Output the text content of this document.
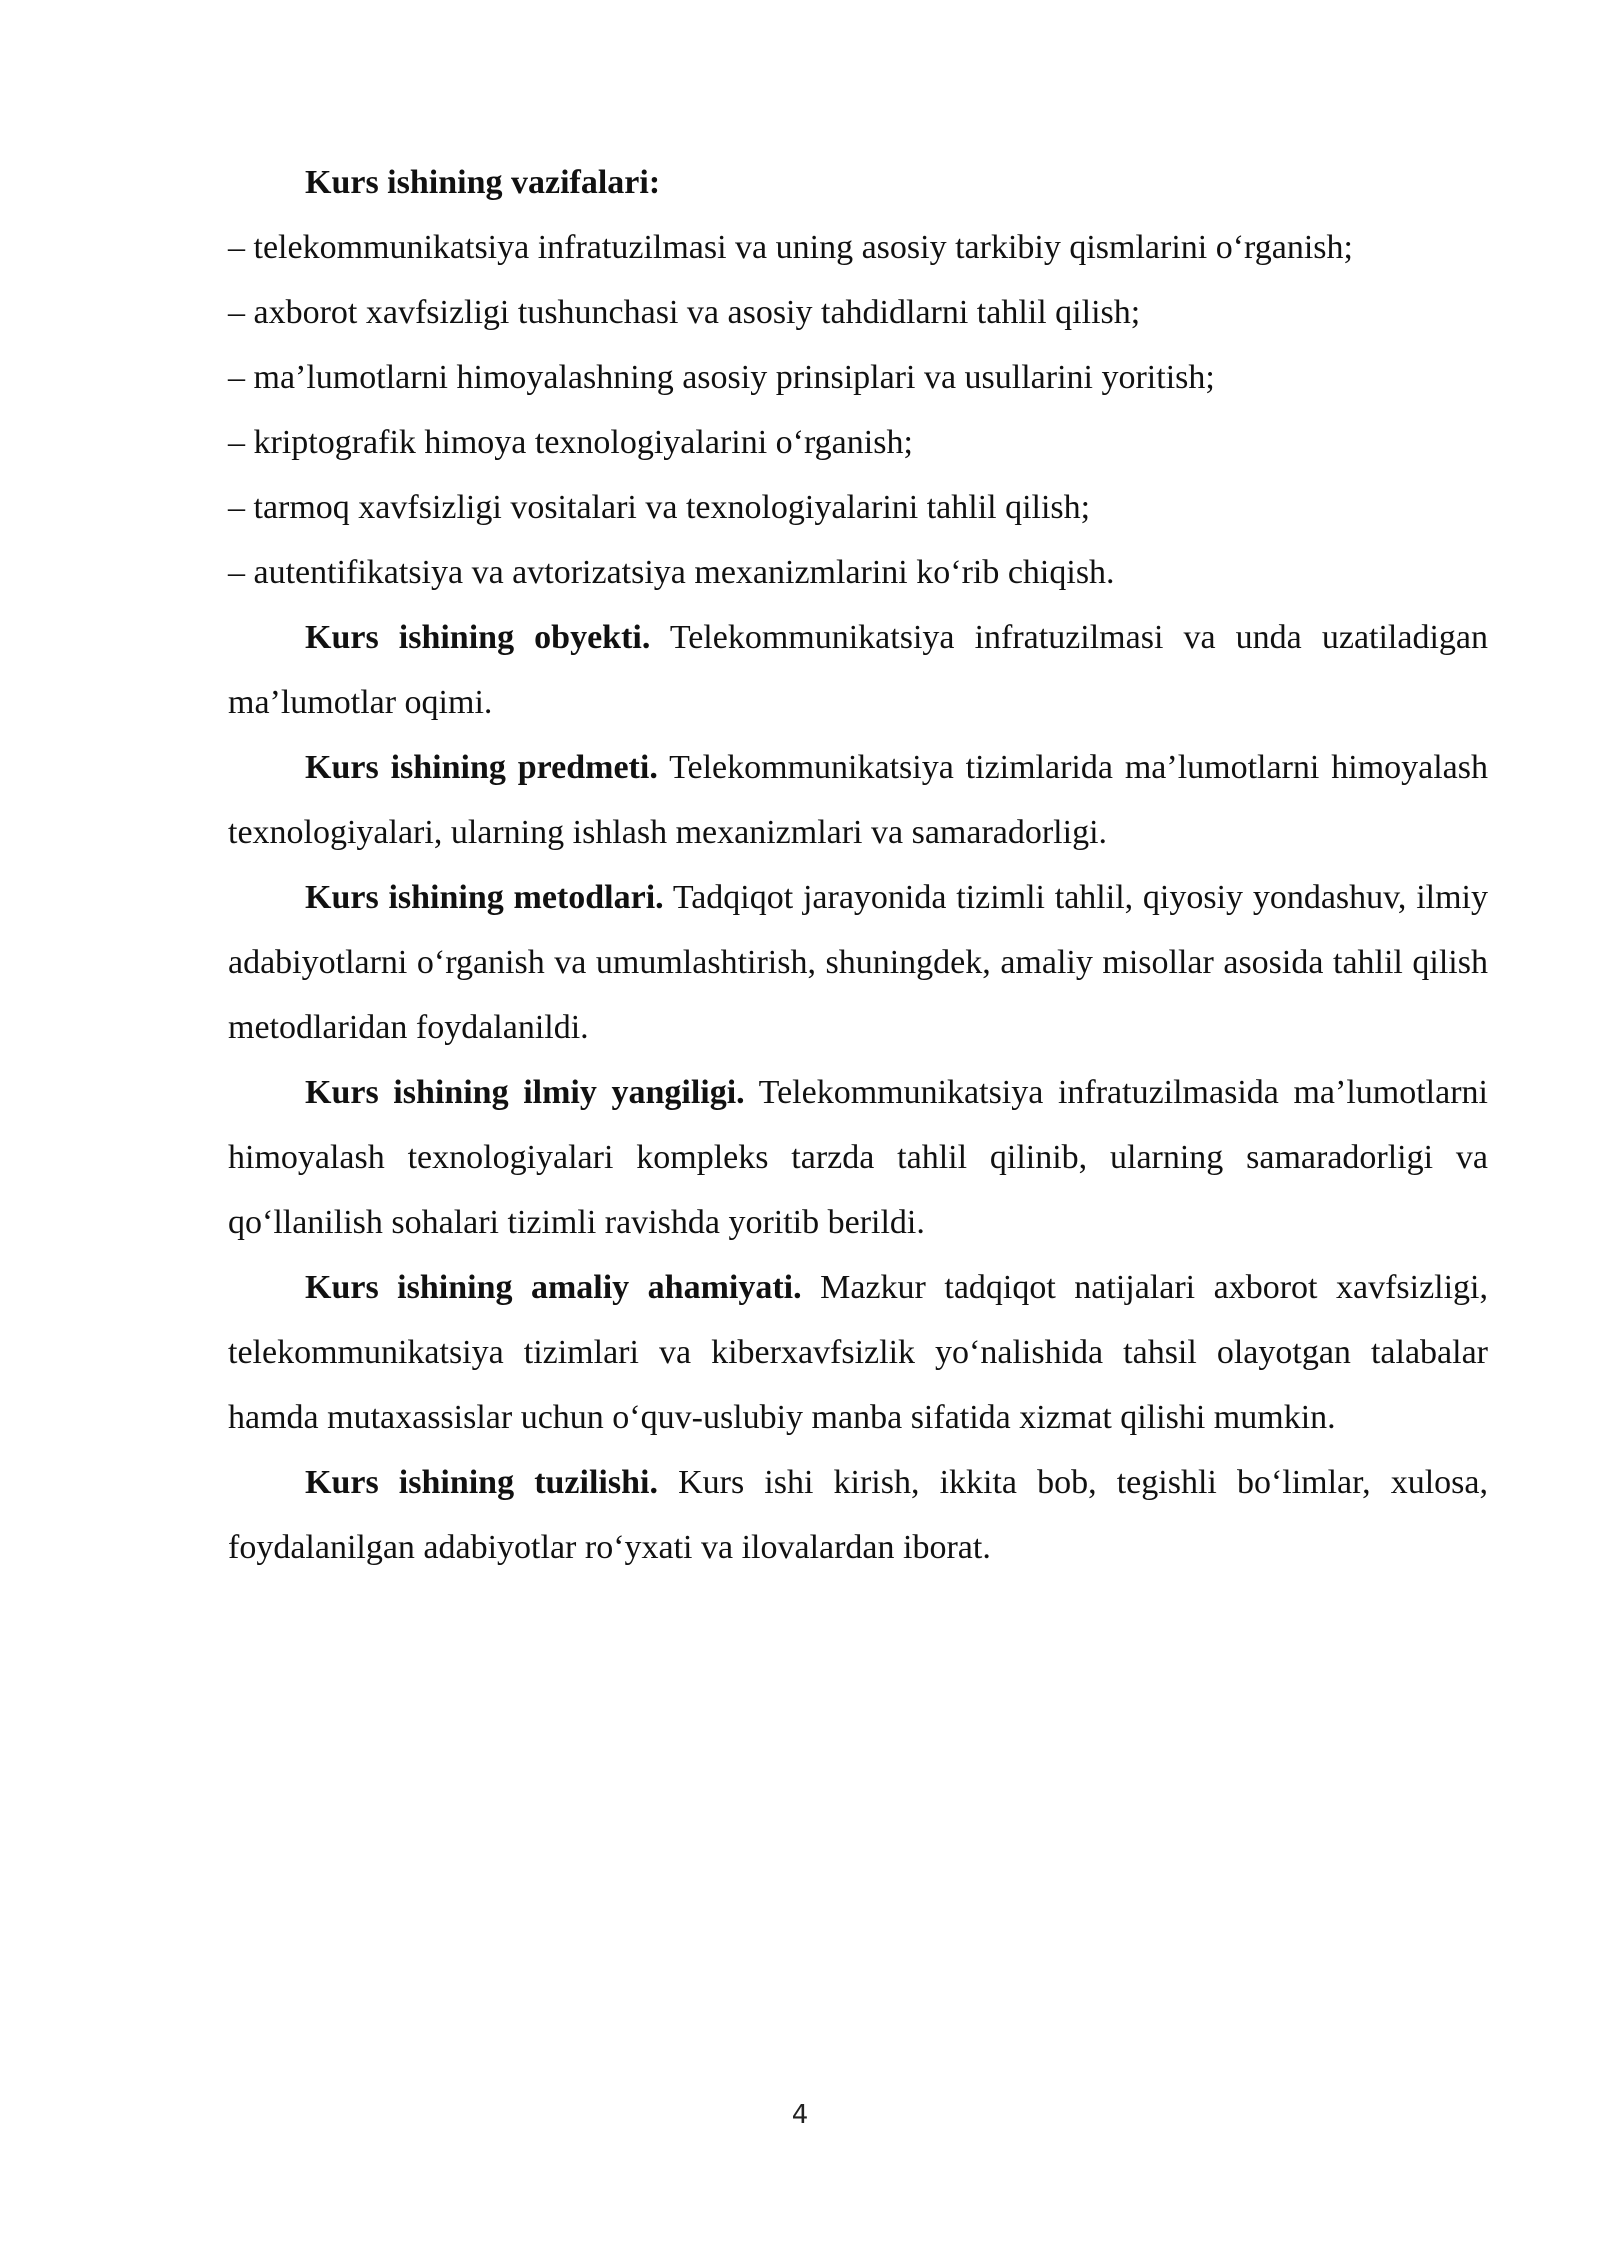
Kurs ishining vazifalari:

– telekommunikatsiya infratuzilmasi va uning asosiy tarkibiy qismlarini o‘rganish;

– axborot xavfsizligi tushunchasi va asosiy tahdidlarni tahlil qilish;

– ma’lumotlarni himoyalashning asosiy prinsiplari va usullarini yoritish;

– kriptografik himoya texnologiyalarini o‘rganish;

– tarmoq xavfsizligi vositalari va texnologiyalarini tahlil qilish;

– autentifikatsiya va avtorizatsiya mexanizmlarini ko‘rib chiqish.

Kurs ishining obyekti. Telekommunikatsiya infratuzilmasi va unda uzatiladigan ma’lumotlar oqimi.

Kurs ishining predmeti. Telekommunikatsiya tizimlarida ma’lumotlarni himoyalash texnologiyalari, ularning ishlash mexanizmlari va samaradorligi.

Kurs ishining metodlari. Tadqiqot jarayonida tizimli tahlil, qiyosiy yondashuv, ilmiy adabiyotlarni o‘rganish va umumlashtirish, shuningdek, amaliy misollar asosida tahlil qilish metodlaridan foydalanildi.

Kurs ishining ilmiy yangiligi. Telekommunikatsiya infratuzilmasida ma’lumotlarni himoyalash texnologiyalari kompleks tarzda tahlil qilinib, ularning samaradorligi va qo‘llanilish sohalari tizimli ravishda yoritib berildi.

Kurs ishining amaliy ahamiyati. Mazkur tadqiqot natijalari axborot xavfsizligi, telekommunikatsiya tizimlari va kiberxavfsizlik yo‘nalishida tahsil olayotgan talabalar hamda mutaxassislar uchun o‘quv-uslubiy manba sifatida xizmat qilishi mumkin.

Kurs ishining tuzilishi. Kurs ishi kirish, ikkita bob, tegishli bo‘limlar, xulosa, foydalanilgan adabiyotlar ro‘yxati va ilovalardan iborat.

4
